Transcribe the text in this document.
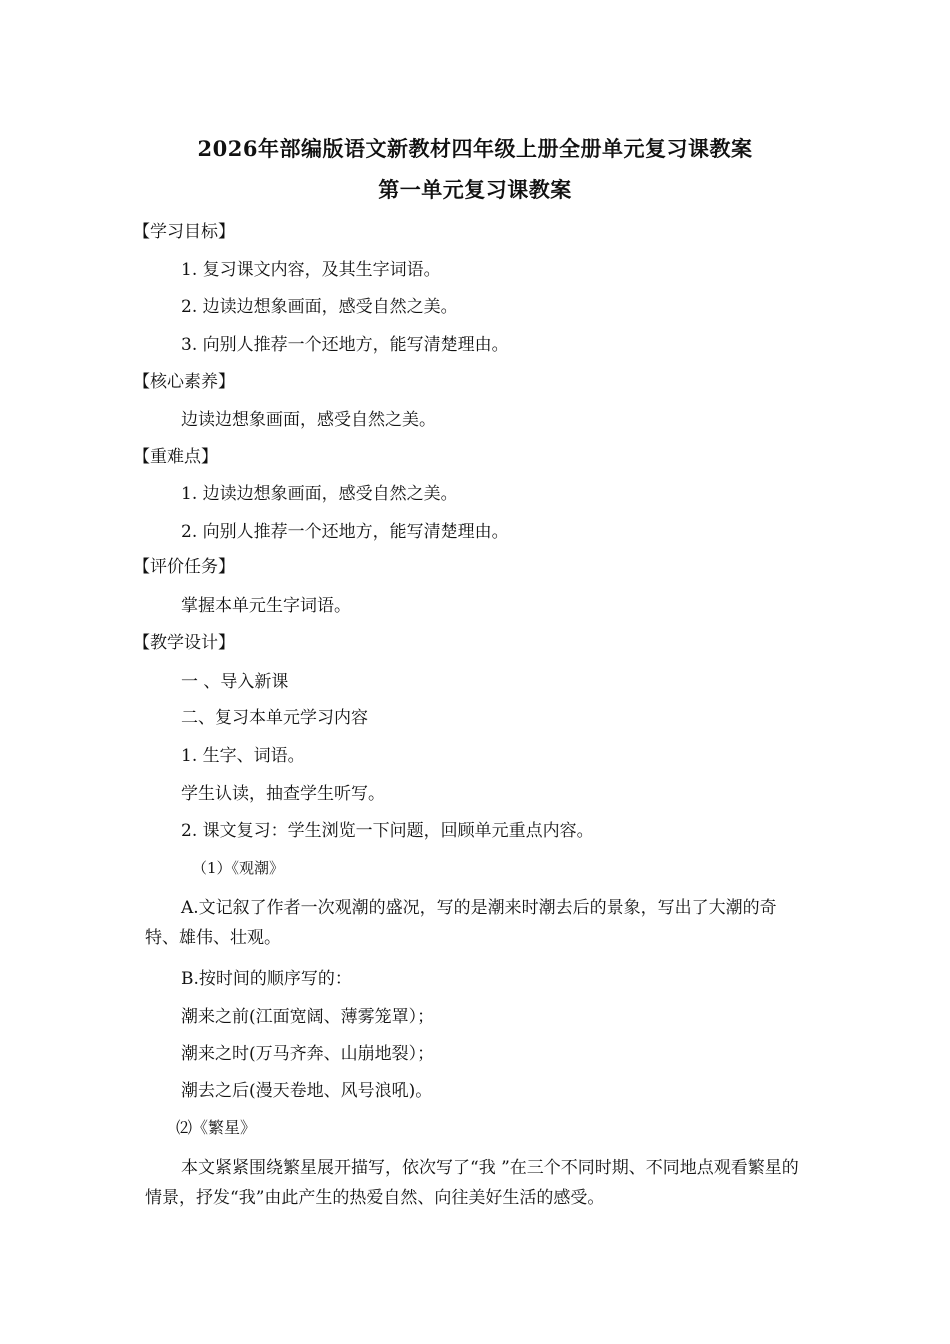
2026年部编版语文新教材四年级上册全册单元复习课教案
第一单元复习课教案
【学习目标】
1. 复习课文内容，及其生字词语。
2. 边读边想象画面，感受自然之美。
3. 向别人推荐一个还地方，能写清楚理由。
【核心素养】
边读边想象画面，感受自然之美。
【重难点】
1. 边读边想象画面，感受自然之美。
2. 向别人推荐一个还地方，能写清楚理由。
【评价任务】
掌握本单元生字词语。
【教学设计】
一 、导入新课
二、复习本单元学习内容
1. 生字、词语。
学生认读，抽查学生听写。
2. 课文复习：学生浏览一下问题，回顾单元重点内容。
（1）《观潮》
A.文记叙了作者一次观潮的盛况，写的是潮来时潮去后的景象，写出了大潮的奇特、雄伟、壮观。
B.按时间的顺序写的：
潮来之前(江面宽阔、薄雾笼罩）；
潮来之时(万马齐奔、山崩地裂）；
潮去之后(漫天卷地、风号浪吼)。
⑵《繁星》
本文紧紧围绕繁星展开描写，依次写了“我 ”在三个不同时期、不同地点观看繁星的情景，抒发“我”由此产生的热爱自然、向往美好生活的感受。
